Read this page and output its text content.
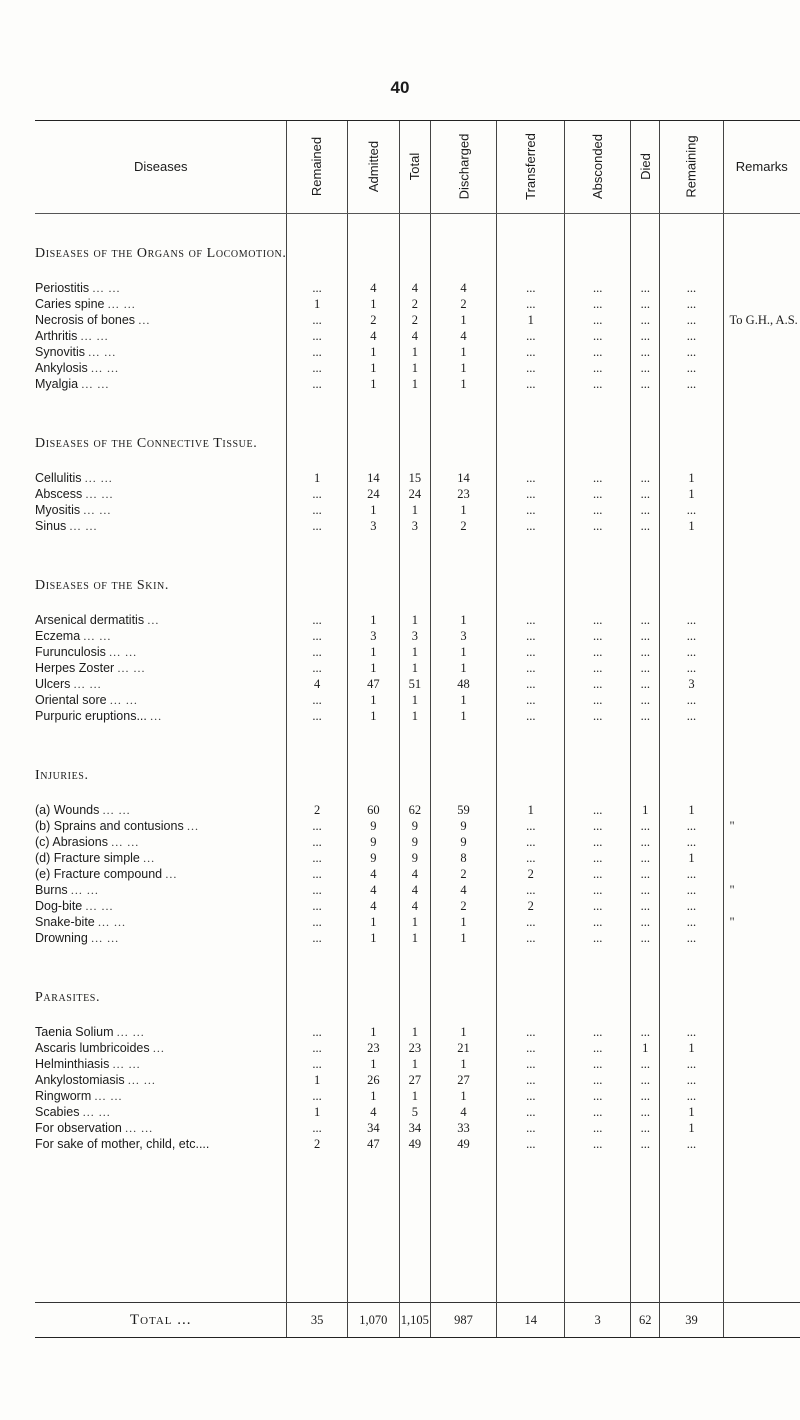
40
Diseases	Remained	Admitted	Total	Discharged	Transferred	Absconded	Died	Remaining	Remarks

Diseases of the Organs of Locomotion.									

Periostitis ... ...	...	4	4	4	...	...	...	...	
Caries spine ... ...	1	1	2	2	...	...	...	...	
Necrosis of bones ...	...	2	2	1	1	...	...	...	To G.H., A.S.
Arthritis ... ...	...	4	4	4	...	...	...	...	
Synovitis ... ...	...	1	1	1	...	...	...	...	
Ankylosis ... ...	...	1	1	1	...	...	...	...	
Myalgia ... ...	...	1	1	1	...	...	...	...	

Diseases of the Connective Tissue.									

Cellulitis ... ...	1	14	15	14	...	...	...	1	
Abscess ... ...	...	24	24	23	...	...	...	1	
Myositis ... ...	...	1	1	1	...	...	...	...	
Sinus ... ...	...	3	3	2	...	...	...	1	

Diseases of the Skin.									

Arsenical dermatitis ...	...	1	1	1	...	...	...	...	
Eczema ... ...	...	3	3	3	...	...	...	...	
Furunculosis ... ...	...	1	1	1	...	...	...	...	
Herpes Zoster ... ...	...	1	1	1	...	...	...	...	
Ulcers ... ...	4	47	51	48	...	...	...	3	
Oriental sore ... ...	...	1	1	1	...	...	...	...	
Purpuric eruptions... ...	...	1	1	1	...	...	...	...	

Injuries.									

(a) Wounds ... ...	2	60	62	59	1	...	1	1	
(b) Sprains and contusions ...	...	9	9	9	...	...	...	...	"
(c) Abrasions ... ...	...	9	9	9	...	...	...	...	
(d) Fracture simple ...	...	9	9	8	...	...	...	1	
(e) Fracture compound ...	...	4	4	2	2	...	...	...	
Burns ... ...	...	4	4	4	...	...	...	...	"
Dog-bite ... ...	...	4	4	2	2	...	...	...	
Snake-bite ... ...	...	1	1	1	...	...	...	...	"
Drowning ... ...	...	1	1	1	...	...	...	...	

Parasites.									

Taenia Solium ... ...	...	1	1	1	...	...	...	...	
Ascaris lumbricoides ...	...	23	23	21	...	...	1	1	
Helminthiasis ... ...	...	1	1	1	...	...	...	...	
Ankylostomiasis ... ...	1	26	27	27	...	...	...	...	
Ringworm ... ...	...	1	1	1	...	...	...	...	
Scabies ... ...	1	4	5	4	...	...	...	1	
For observation ... ...	...	34	34	33	...	...	...	1	
For sake of mother, child, etc....	2	47	49	49	...	...	...	...	

Total ...	35	1,070	1,105	987	14	3	62	39	
